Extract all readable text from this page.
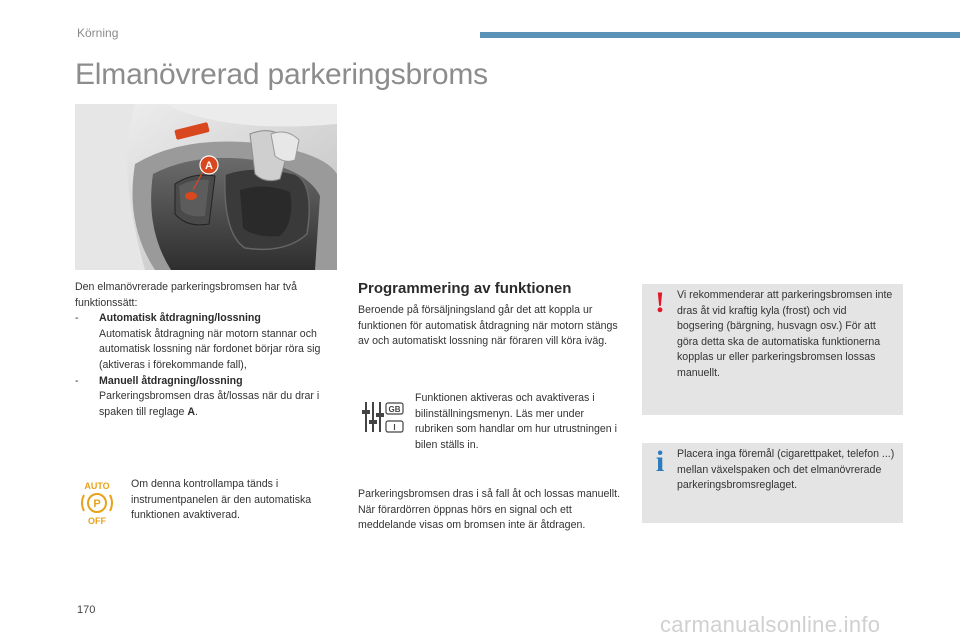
Körning
Elmanövrerad parkeringsbroms
A

Den elmanövrerade parkeringsbromsen har två funktionssätt:

- Automatisk åtdragning/lossning
Automatisk åtdragning när motorn stannar och automatisk lossning när fordonet börjar röra sig (aktiveras i förekommande fall),
- Manuell åtdragning/lossning
Parkeringsbromsen dras åt/lossas när du drar i spaken till reglage A.
AUTO
P
OFF
Om denna kontrollampa tänds i instrumentpanelen är den automatiska funktionen avaktiverad.
Programmering av funktionen
Beroende på försäljningsland går det att koppla ur funktionen för automatisk åtdragning när motorn stängs av och automatiskt lossning när föraren vill köra iväg.
GB
I
Funktionen aktiveras och avaktiveras i bilinställningsmenyn. Läs mer under rubriken som handlar om hur utrustningen i bilen ställs in.
Parkeringsbromsen dras i så fall åt och lossas manuellt. När förardörren öppnas hörs en signal och ett meddelande visas om bromsen inte är åtdragen.
!	Vi rekommenderar att parkeringsbromsen inte dras åt vid kraftig kyla (frost) och vid bogsering (bärgning, husvagn osv.) För att göra detta ska de automatiska funktionerna kopplas ur eller parkeringsbromsen lossas manuellt.
i	Placera inga föremål (cigarettpaket, telefon ...) mellan växelspaken och det elmanövrerade parkeringsbromsreglaget.
170
carmanualsonline.info
